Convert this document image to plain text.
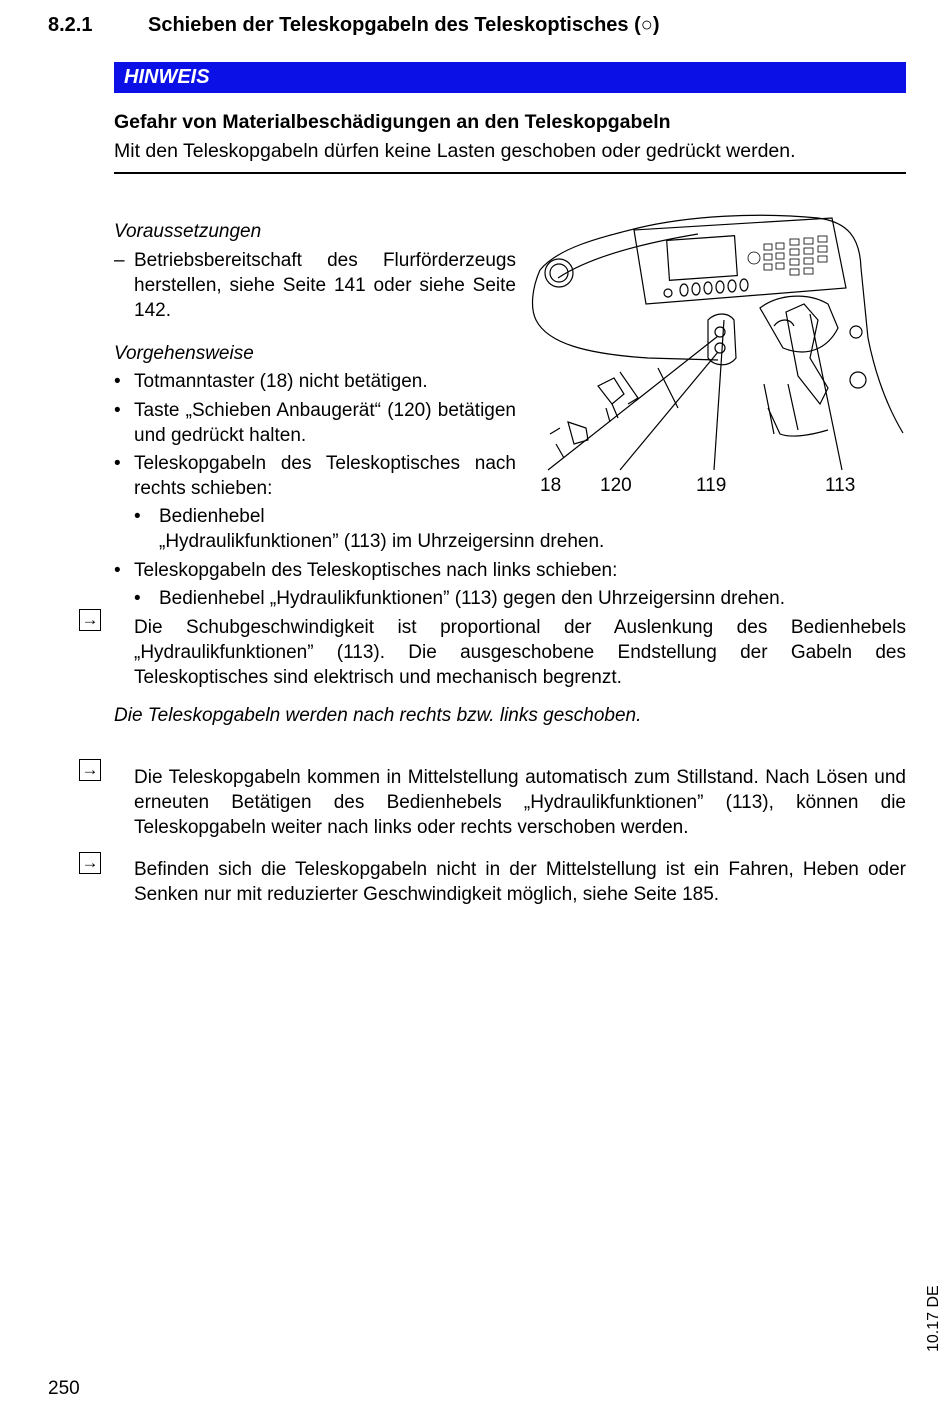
8.2.1	Schieben der Teleskopgabeln des Teleskoptisches (○)
HINWEIS
Gefahr von Materialbeschädigungen an den Teleskopgabeln
Mit den Teleskopgabeln dürfen keine Lasten geschoben oder gedrückt werden.
Voraussetzungen
– Betriebsbereitschaft des Flurförderzeugs herstellen, siehe Seite 141 oder siehe Seite 142.
Vorgehensweise
• Totmanntaster (18) nicht betätigen.
• Taste „Schieben Anbaugerät“ (120) betätigen und gedrückt halten.
• Teleskopgabeln des Teleskoptisches nach rechts schieben:
• Bedienhebel
„Hydraulikfunktionen” (113) im Uhrzeigersinn drehen.
• Teleskopgabeln des Teleskoptisches nach links schieben:
• Bedienhebel „Hydraulikfunktionen” (113) gegen den Uhrzeigersinn drehen.
→ Die Schubgeschwindigkeit ist proportional der Auslenkung des Bedienhebels „Hydraulikfunktionen” (113). Die ausgeschobene Endstellung der Gabeln des Teleskoptisches sind elektrisch und mechanisch begrenzt.
Die Teleskopgabeln werden nach rechts bzw. links geschoben.
→ Die Teleskopgabeln kommen in Mittelstellung automatisch zum Stillstand. Nach Lösen und erneuten Betätigen des Bedienhebels „Hydraulikfunktionen” (113), können die Teleskopgabeln weiter nach links oder rechts verschoben werden.
→ Befinden sich die Teleskopgabeln nicht in der Mittelstellung ist ein Fahren, Heben oder Senken nur mit reduzierter Geschwindigkeit möglich, siehe Seite 185.
18 120	119	113
250
10.17 DE
